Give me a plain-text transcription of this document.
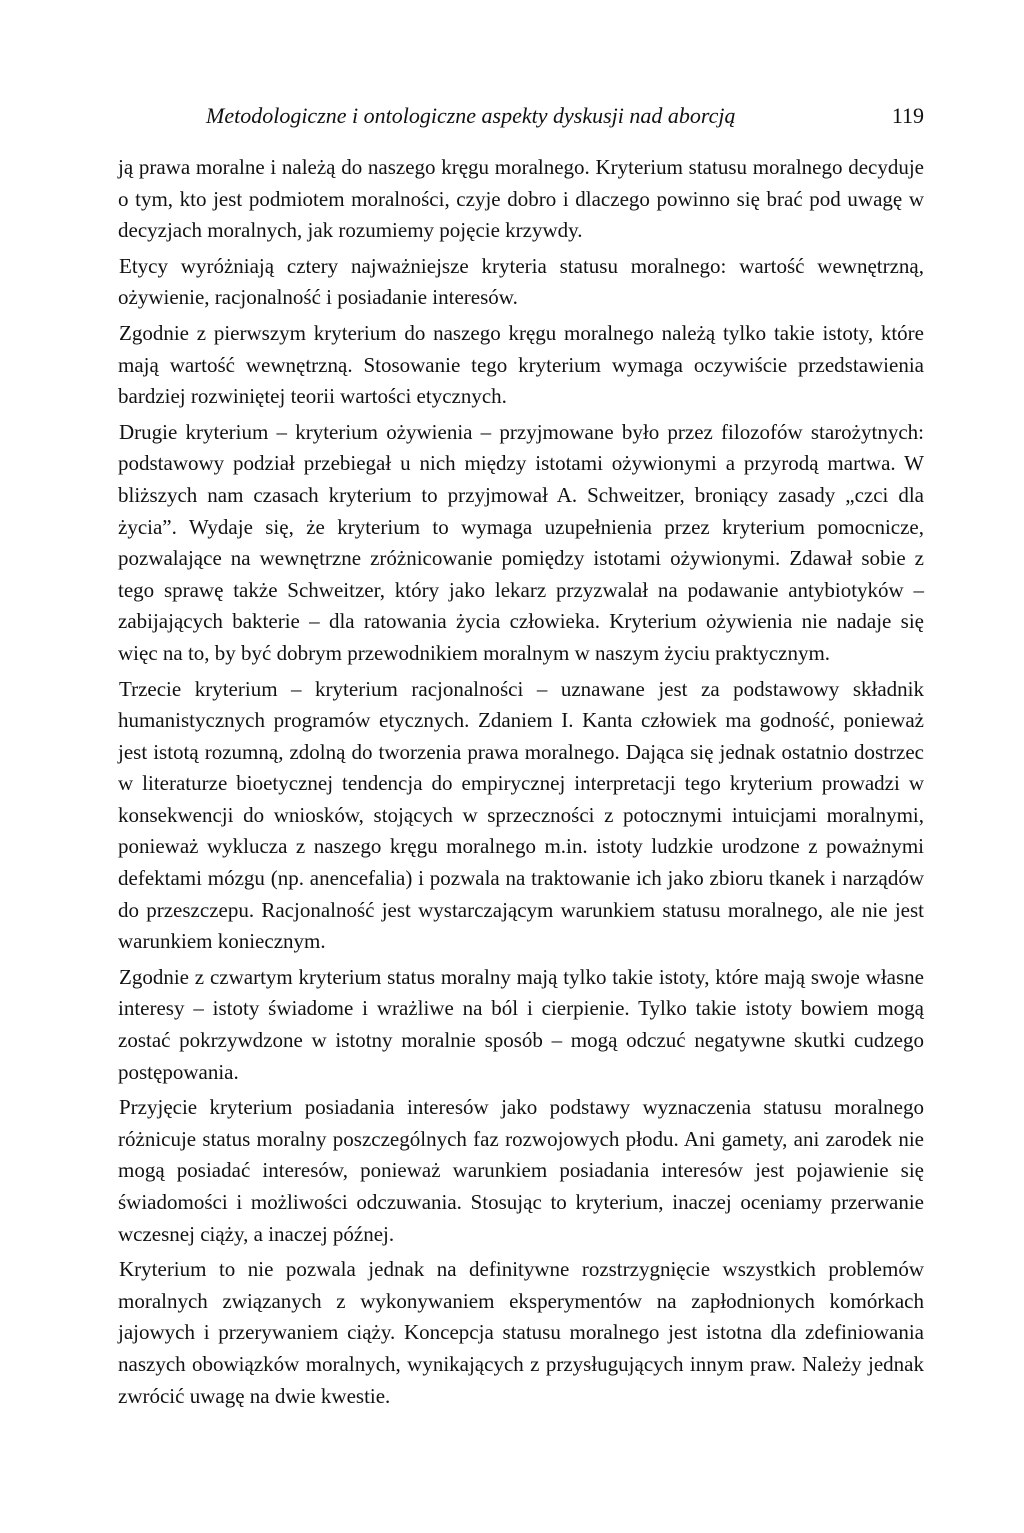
Metodologiczne i ontologiczne aspekty dyskusji nad aborcją	119

ją prawa moralne i należą do naszego kręgu moralnego. Kryterium statusu moralnego decyduje o tym, kto jest podmiotem moralności, czyje dobro i dlaczego powinno się brać pod uwagę w decyzjach moralnych, jak rozumiemy pojęcie krzywdy.

Etycy wyróżniają cztery najważniejsze kryteria statusu moralnego: wartość wewnętrzną, ożywienie, racjonalność i posiadanie interesów.

Zgodnie z pierwszym kryterium do naszego kręgu moralnego należą tylko takie istoty, które mają wartość wewnętrzną. Stosowanie tego kryterium wymaga oczywiście przedstawienia bardziej rozwiniętej teorii wartości etycznych.

Drugie kryterium – kryterium ożywienia – przyjmowane było przez filozofów starożytnych: podstawowy podział przebiegał u nich między istotami ożywionymi a przyrodą martwa. W bliższych nam czasach kryterium to przyjmował A. Schweitzer, broniący zasady „czci dla życia”. Wydaje się, że kryterium to wymaga uzupełnienia przez kryterium pomocnicze, pozwalające na wewnętrzne zróżnicowanie pomiędzy istotami ożywionymi. Zdawał sobie z tego sprawę także Schweitzer, który jako lekarz przyzwalał na podawanie antybiotyków – zabijających bakterie – dla ratowania życia człowieka. Kryterium ożywienia nie nadaje się więc na to, by być dobrym przewodnikiem moralnym w naszym życiu praktycznym.

Trzecie kryterium – kryterium racjonalności – uznawane jest za podstawowy składnik humanistycznych programów etycznych. Zdaniem I. Kanta człowiek ma godność, ponieważ jest istotą rozumną, zdolną do tworzenia prawa moralnego. Dająca się jednak ostatnio dostrzec w literaturze bioetycznej tendencja do empirycznej interpretacji tego kryterium prowadzi w konsekwencji do wniosków, stojących w sprzeczności z potocznymi intuicjami moralnymi, ponieważ wyklucza z naszego kręgu moralnego m.in. istoty ludzkie urodzone z poważnymi defektami mózgu (np. anencefalia) i pozwala na traktowanie ich jako zbioru tkanek i narządów do przeszczepu. Racjonalność jest wystarczającym warunkiem statusu moralnego, ale nie jest warunkiem koniecznym.

Zgodnie z czwartym kryterium status moralny mają tylko takie istoty, które mają swoje własne interesy – istoty świadome i wrażliwe na ból i cierpienie. Tylko takie istoty bowiem mogą zostać pokrzywdzone w istotny moralnie sposób – mogą odczuć negatywne skutki cudzego postępowania.

Przyjęcie kryterium posiadania interesów jako podstawy wyznaczenia statusu moralnego różnicuje status moralny poszczególnych faz rozwojowych płodu. Ani gamety, ani zarodek nie mogą posiadać interesów, ponieważ warunkiem posiadania interesów jest pojawienie się świadomości i możliwości odczuwania. Stosując to kryterium, inaczej oceniamy przerwanie wczesnej ciąży, a inaczej późnej.

Kryterium to nie pozwala jednak na definitywne rozstrzygnięcie wszystkich problemów moralnych związanych z wykonywaniem eksperymentów na zapłodnionych komórkach jajowych i przerywaniem ciąży. Koncepcja statusu moralnego jest istotna dla zdefiniowania naszych obowiązków moralnych, wynikających z przysługujących innym praw. Należy jednak zwrócić uwagę na dwie kwestie.
